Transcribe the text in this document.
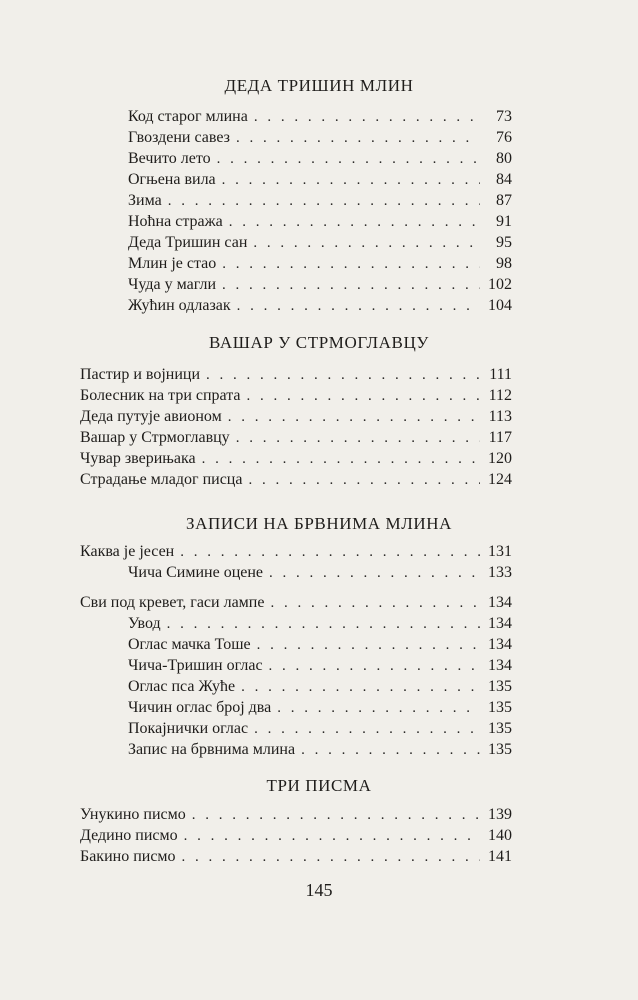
ДЕДА ТРИШИН МЛИН
Код старог млина . . .	73
Гвоздени савез . . .	76
Вечито лето . . .	80
Огњена вила . . .	84
Зима . . .	87
Ноћна стража . . .	91
Деда Тришин сан . . .	95
Млин је стао . . .	98
Чуда у магли . . .	102
Жућин одлазак . . .	104
ВАШАР У СТРМОГЛАВЦУ
Пастир и војници . . .	111
Болесник на три спрата . . .	112
Деда путује авионом . . .	113
Вашар у Стрмоглавцу . . .	117
Чувар зверињака . . .	120
Страдање младог писца . . .	124
ЗАПИСИ НА БРВНИМА МЛИНА
Каква је јесен . . .	131
Чича Симине оцене . . .	133
Сви под кревет, гаси лампе . . .	134
Увод . . .	134
Оглас мачка Тоше . . .	134
Чича-Тришин оглас . . .	134
Оглас пса Жуће . . .	135
Чичин оглас број два . . .	135
Покајнички оглас . . .	135
Запис на брвнима млина . . .	135
ТРИ ПИСМА
Унукино писмо . . .	139
Дедино писмо . . .	140
Бакино писмо . . .	141
145
